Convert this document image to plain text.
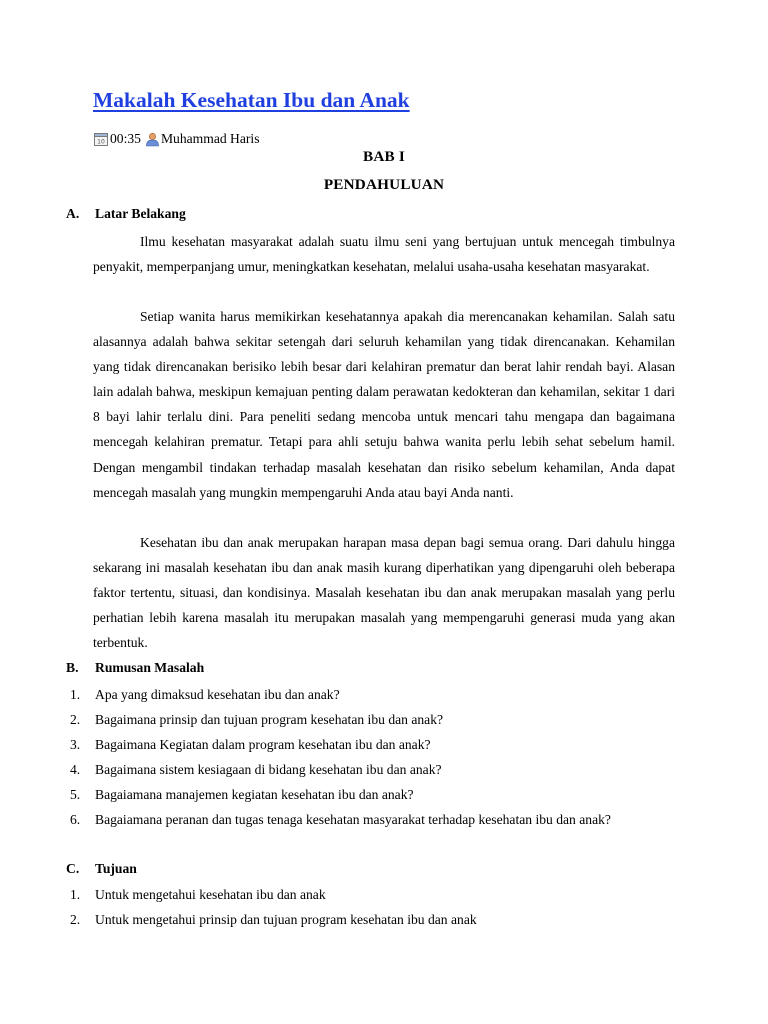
Makalah Kesehatan Ibu dan Anak
10 00:35 Muhammad Haris
BAB I
PENDAHULUAN
A. Latar Belakang

Ilmu kesehatan masyarakat adalah suatu ilmu seni yang bertujuan untuk mencegah timbulnya penyakit, memperpanjang umur, meningkatkan kesehatan, melalui usaha-usaha kesehatan masyarakat.

Setiap wanita harus memikirkan kesehatannya apakah dia merencanakan kehamilan. Salah satu alasannya adalah bahwa sekitar setengah dari seluruh kehamilan yang tidak direncanakan. Kehamilan yang tidak direncanakan berisiko lebih besar dari kelahiran prematur dan berat lahir rendah bayi. Alasan lain adalah bahwa, meskipun kemajuan penting dalam perawatan kedokteran dan kehamilan, sekitar 1 dari 8 bayi lahir terlalu dini. Para peneliti sedang mencoba untuk mencari tahu mengapa dan bagaimana mencegah kelahiran prematur. Tetapi para ahli setuju bahwa wanita perlu lebih sehat sebelum hamil. Dengan mengambil tindakan terhadap masalah kesehatan dan risiko sebelum kehamilan, Anda dapat mencegah masalah yang mungkin mempengaruhi Anda atau bayi Anda nanti.

Kesehatan ibu dan anak merupakan harapan masa depan bagi semua orang. Dari dahulu hingga sekarang ini masalah kesehatan ibu dan anak masih kurang diperhatikan yang dipengaruhi oleh beberapa faktor tertentu, situasi, dan kondisinya. Masalah kesehatan ibu dan anak merupakan masalah yang perlu perhatian lebih karena masalah itu merupakan masalah yang mempengaruhi generasi muda yang akan terbentuk.

B. Rumusan Masalah
1.	Apa yang dimaksud kesehatan ibu dan anak?
2.	Bagaimana prinsip dan tujuan program kesehatan ibu dan anak?
3.	Bagaimana Kegiatan dalam program kesehatan ibu dan anak?
4.	Bagaimana sistem kesiagaan di bidang kesehatan ibu dan anak?
5.	Bagaiamana manajemen kegiatan kesehatan ibu dan anak?
6.	Bagaiamana peranan dan tugas tenaga kesehatan masyarakat terhadap kesehatan ibu dan anak?
C. Tujuan
1.	Untuk mengetahui kesehatan ibu dan anak
2.	Untuk mengetahui prinsip dan tujuan program kesehatan ibu dan anak
